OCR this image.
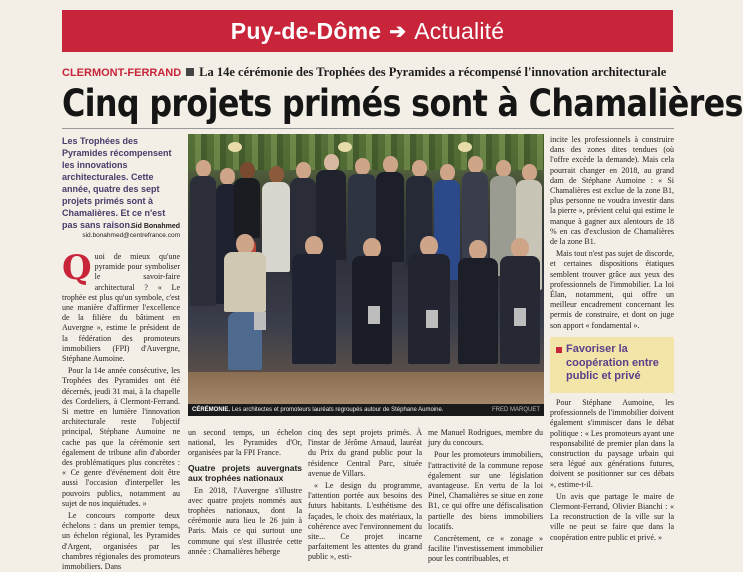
Puy-de-Dôme ➔ Actualité
CLERMONT-FERRAND La 14e cérémonie des Trophées des Pyramides a récompensé l'innovation architecturale
Cinq projets primés sont à Chamalières
Les Trophées des Pyramides récompensent les innovations architecturales. Cette année, quatre des sept projets primés sont à Chamalières. Et ce n'est pas sans raison.
Sid Bonahmed
sid.bonahmed@centrefrance.com

Quoi de mieux qu'une pyramide pour symboliser le savoir-faire architectural ? « Le trophée est plus qu'un symbole, c'est une manière d'affirmer l'excellence de la filière du bâtiment en Auvergne », estime le président de la fédération des promoteurs immobiliers (FPI) d'Auvergne, Stéphane Aumoine.

Pour la 14e année consécutive, les Trophées des Pyramides ont été décernés, jeudi 31 mai, à la chapelle des Cordeliers, à Clermont-Ferrand. Si mettre en lumière l'innovation architecturale reste l'objectif principal, Stéphane Aumoine ne cache pas que la cérémonie sert également de tribune afin d'aborder des problématiques plus concrètes : « Ce genre d'événement doit être aussi l'occasion d'interpeller les pouvoirs publics, notamment au sujet de nos inquiétudes. »

Le concours comporte deux échelons : dans un premier temps, un échelon régional, les Pyramides d'Argent, organisées par les chambres régionales des promoteurs immobiliers. Dans

CÉRÉMONIE. Les architectes et promoteurs lauréats regroupés autour de Stéphane Aumoine.	FRED MARQUET

un second temps, un échelon national, les Pyramides d'Or, organisées par la FPI France.

Quatre projets auvergnats aux trophées nationaux

En 2018, l'Auvergne s'illustre avec quatre projets nommés aux trophées nationaux, dont la cérémonie aura lieu le 26 juin à Paris. Mais ce qui surtout une commune qui s'est illustrée cette année : Chamalières héberge

cinq des sept projets primés. À l'instar de Jérôme Arnaud, lauréat du Prix du grand public pour la résidence Central Parc, située avenue de Villars.

« Le design du programme, l'attention portée aux besoins des futurs habitants. L'esthétisme des façades, le choix des matériaux, la cohérence avec l'environnement du site... Ce projet incarne parfaitement les attentes du grand public », esti-

me Manuel Rodrigues, membre du jury du concours.

Pour les promoteurs immobiliers, l'attractivité de la commune repose également sur une législation avantageuse. En vertu de la loi Pinel, Chamalières se situe en zone B1, ce qui offre une défiscalisation partielle des biens immobiliers locatifs.

Concrètement, ce « zonage » facilite l'investissement immobilier pour les contribuables, et

incite les professionnels à construire dans des zones dites tendues (où l'offre excède la demande). Mais cela pourrait changer en 2018, au grand dam de Stéphane Aumoine : « Si Chamalières est exclue de la zone B1, plus personne ne voudra investir dans la pierre », prévient celui qui estime le manque à gagner aux alentours de 18 % en cas d'exclusion de Chamalières de la zone B1.

Mais tout n'est pas sujet de discorde, et certaines dispositions étatiques semblent trouver grâce aux yeux des professionnels de l'immobilier. La loi Élan, notamment, qui offre un meilleur encadrement concernant les permis de construire, et dont on juge son apport « fondamental ».

Favoriser la coopération entre public et privé

Pour Stéphane Aumoine, les professionnels de l'immobilier doivent également s'immiscer dans le débat politique : « Les promoteurs ayant une responsabilité de premier plan dans la construction du paysage urbain qui sera légué aux générations futures, doivent se positionner sur ces débats », estime-t-il.

Un avis que partage le maire de Clermont-Ferrand, Olivier Bianchi : « La reconstruction de la ville sur la ville ne peut se faire que dans la coopération entre public et privé. »
